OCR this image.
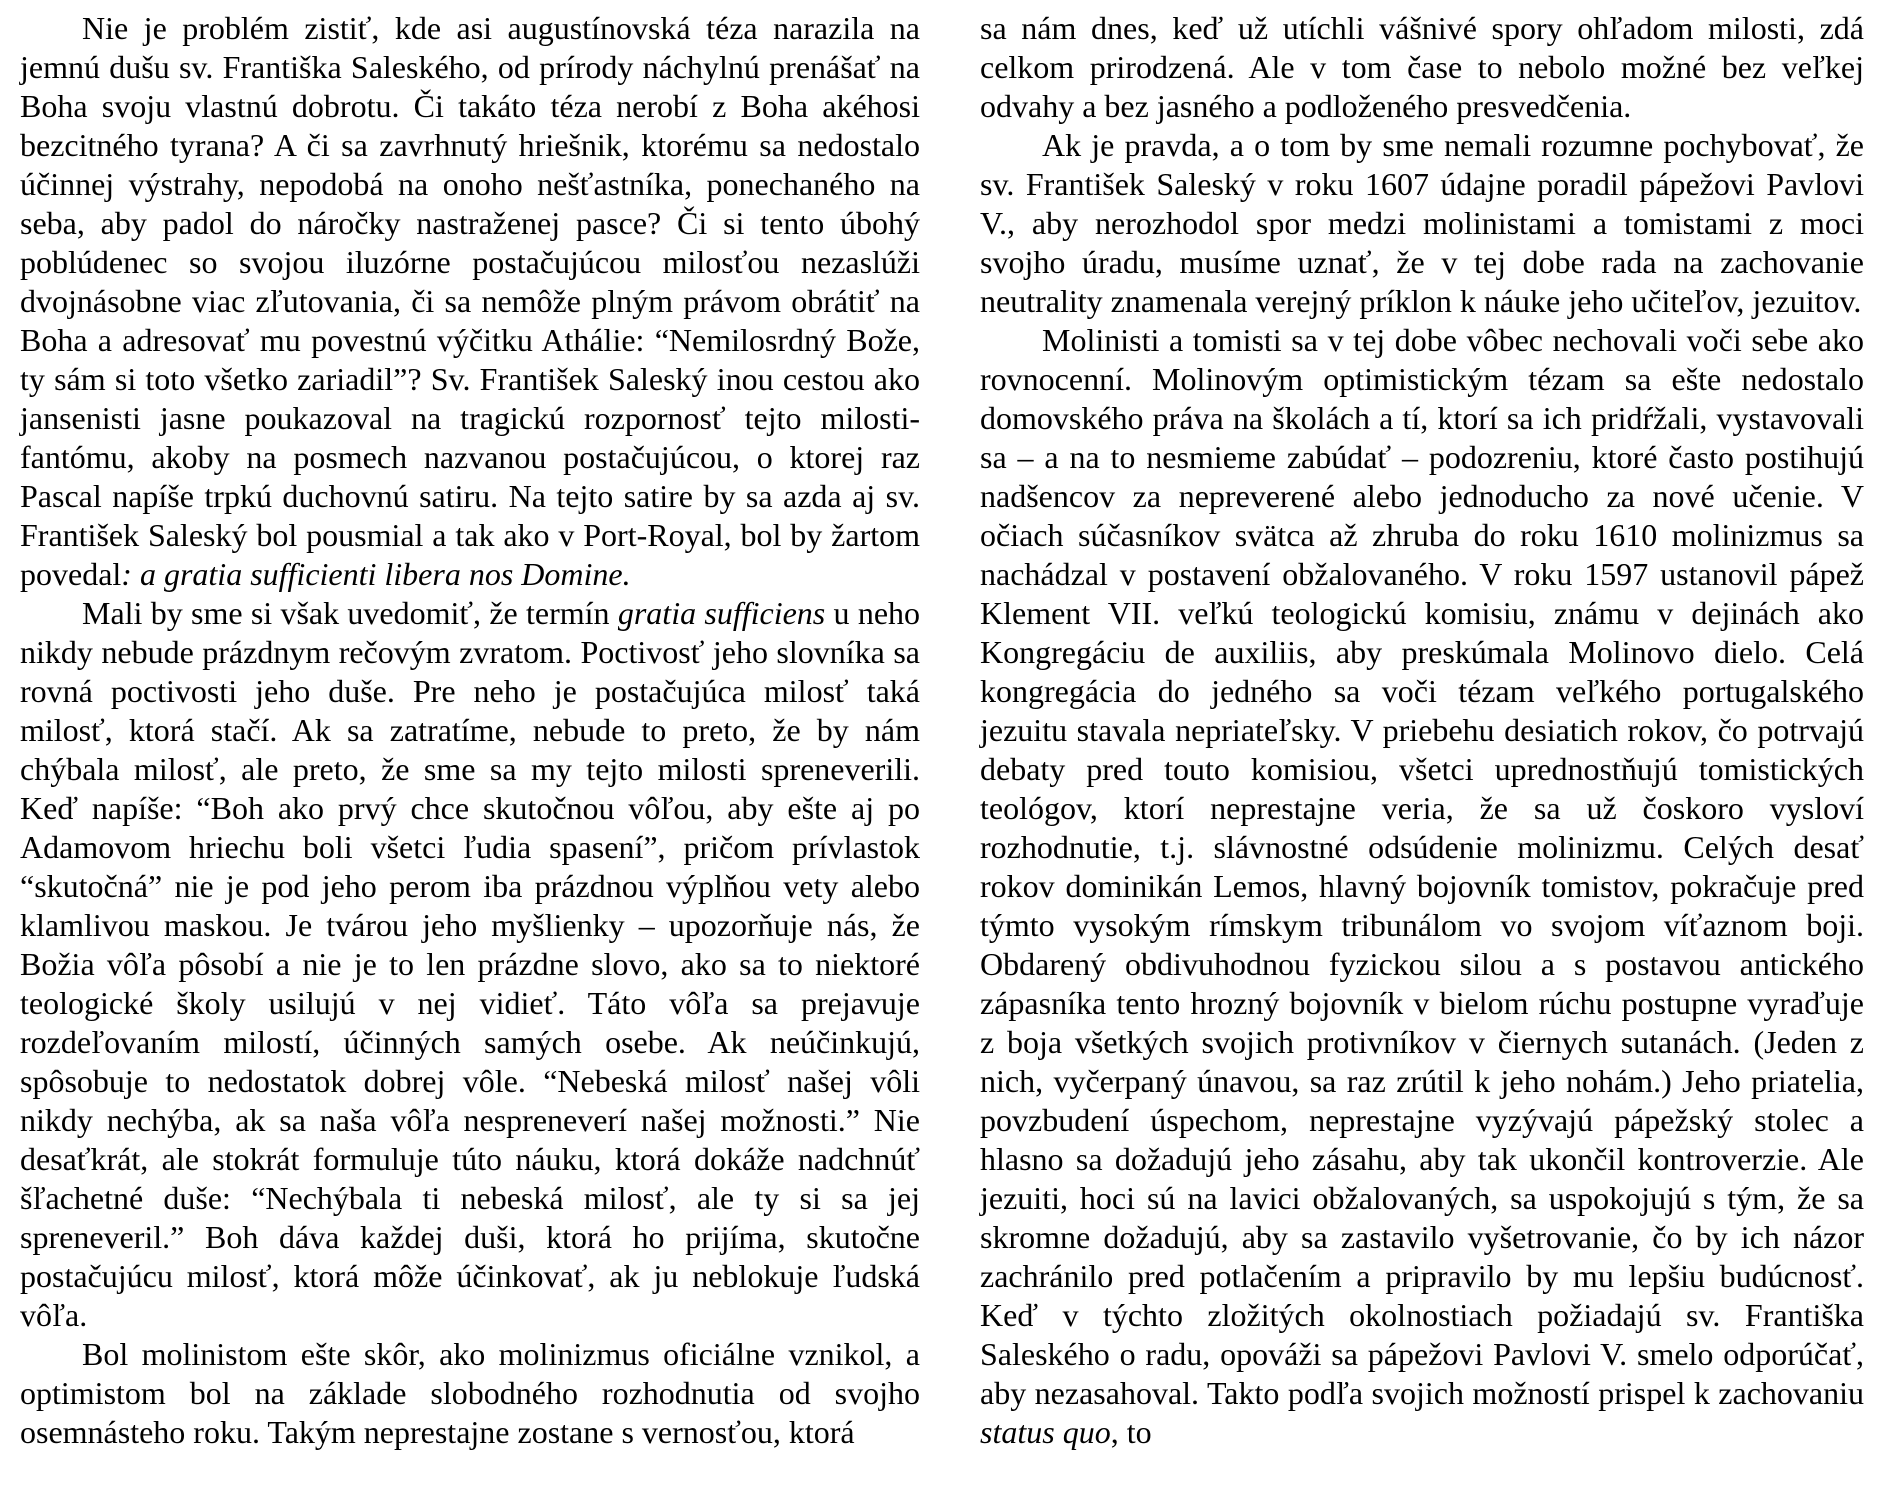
Nie je problém zistiť, kde asi augustínovská téza narazila na jemnú dušu sv. Františka Saleského, od prírody náchylnú prenášať na Boha svoju vlastnú dobrotu. Či takáto téza nerobí z Boha akéhosi bezcitného tyrana? A či sa zavrhnutý hriešnik, ktorému sa nedostalo účinnej výstrahy, nepodobá na onoho nešťastníka, ponechaného na seba, aby padol do náročky nastraženej pasce? Či si tento úbohý poblúdenec so svojou iluzórne postačujúcou milosťou nezaslúži dvojnásobne viac zľutovania, či sa nemôže plným právom obrátiť na Boha a adresovať mu povestnú výčitku Athálie: “Nemilosrdný Bože, ty sám si toto všetko zariadil”? Sv. František Saleský inou cestou ako jansenisti jasne poukazoval na tragickú rozpornosť tejto milosti-fantómu, akoby na posmech nazvanou postačujúcou, o ktorej raz Pascal napíše trpkú duchovnú satiru. Na tejto satire by sa azda aj sv. František Saleský bol pousmial a tak ako v Port-Royal, bol by žartom povedal: a gratia sufficienti libera nos Domine.

Mali by sme si však uvedomiť, že termín gratia sufficiens u neho nikdy nebude prázdnym rečovým zvratom. Poctivosť jeho slovníka sa rovná poctivosti jeho duše. Pre neho je postačujúca milosť taká milosť, ktorá stačí. Ak sa zatratíme, nebude to preto, že by nám chýbala milosť, ale preto, že sme sa my tejto milosti spreneverili. Keď napíše: “Boh ako prvý chce skutočnou vôľou, aby ešte aj po Adamovom hriechu boli všetci ľudia spasení”, pričom prívlastok “skutočná” nie je pod jeho perom iba prázdnou výplňou vety alebo klamlivou maskou. Je tvárou jeho myšlienky – upozorňuje nás, že Božia vôľa pôsobí a nie je to len prázdne slovo, ako sa to niektoré teologické školy usilujú v nej vidieť. Táto vôľa sa prejavuje rozdeľovaním milostí, účinných samých osebe. Ak neúčinkujú, spôsobuje to nedostatok dobrej vôle. “Nebeská milosť našej vôli nikdy nechýba, ak sa naša vôľa nespreneverí našej možnosti.” Nie desaťkrát, ale stokrát formuluje túto náuku, ktorá dokáže nadchnúť šľachetné duše: “Nechýbala ti nebeská milosť, ale ty si sa jej spreneveril.” Boh dáva každej duši, ktorá ho prijíma, skutočne postačujúcu milosť, ktorá môže účinkovať, ak ju neblokuje ľudská vôľa.

Bol molinistom ešte skôr, ako molinizmus oficiálne vznikol, a optimistom bol na základe slobodného rozhodnutia od svojho osemnásteho roku. Takým neprestajne zostane s vernosťou, ktorá

sa nám dnes, keď už utíchli vášnivé spory ohľadom milosti, zdá celkom prirodzená. Ale v tom čase to nebolo možné bez veľkej odvahy a bez jasného a podloženého presvedčenia.

Ak je pravda, a o tom by sme nemali rozumne pochybovať, že sv. František Saleský v roku 1607 údajne poradil pápežovi Pavlovi V., aby nerozhodol spor medzi molinistami a tomistami z moci svojho úradu, musíme uznať, že v tej dobe rada na zachovanie neutrality znamenala verejný príklon k náuke jeho učiteľov, jezuitov.

Molinisti a tomisti sa v tej dobe vôbec nechovali voči sebe ako rovnocenní. Molinovým optimistickým tézam sa ešte nedostalo domovského práva na školách a tí, ktorí sa ich pridŕžali, vystavovali sa – a na to nesmieme zabúdať – podozreniu, ktoré často postihujú nadšencov za nepreverené alebo jednoducho za nové učenie. V očiach súčasníkov svätca až zhruba do roku 1610 molinizmus sa nachádzal v postavení obžalovaného. V roku 1597 ustanovil pápež Klement VII. veľkú teologickú komisiu, známu v dejinách ako Kongregáciu de auxiliis, aby preskúmala Molinovo dielo. Celá kongregácia do jedného sa voči tézam veľkého portugalského jezuitu stavala nepriateľsky. V priebehu desiatich rokov, čo potrvajú debaty pred touto komisiou, všetci uprednostňujú tomistických teológov, ktorí neprestajne veria, že sa už čoskoro vysloví rozhodnutie, t.j. slávnostné odsúdenie molinizmu. Celých desať rokov dominikán Lemos, hlavný bojovník tomistov, pokračuje pred týmto vysokým rímskym tribunálom vo svojom víťaznom boji. Obdarený obdivuhodnou fyzickou silou a s postavou antického zápasníka tento hrozný bojovník v bielom rúchu postupne vyraďuje z boja všetkých svojich protivníkov v čiernych sutanách. (Jeden z nich, vyčerpaný únavou, sa raz zrútil k jeho nohám.) Jeho priatelia, povzbudení úspechom, neprestajne vyzývajú pápežský stolec a hlasno sa dožadujú jeho zásahu, aby tak ukončil kontroverzie. Ale jezuiti, hoci sú na lavici obžalovaných, sa uspokojujú s tým, že sa skromne dožadujú, aby sa zastavilo vyšetrovanie, čo by ich názor zachránilo pred potlačením a pripravilo by mu lepšiu budúcnosť. Keď v týchto zložitých okolnostiach požiadajú sv. Františka Saleského o radu, opováži sa pápežovi Pavlovi V. smelo odporúčať, aby nezasahoval. Takto podľa svojich možností prispel k zachovaniu status quo, to
